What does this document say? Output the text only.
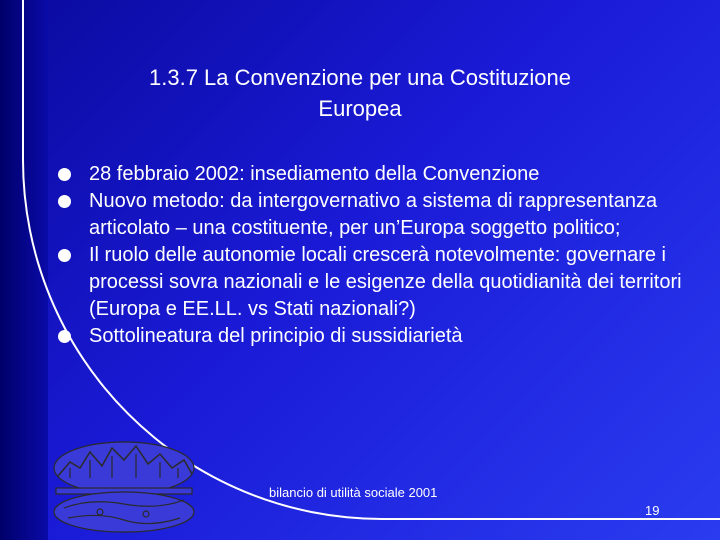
1.3.7 La Convenzione per una Costituzione
Europea
28 febbraio 2002: insediamento della Convenzione
Nuovo metodo: da intergovernativo a sistema di rappresentanza articolato – una costituente, per un’Europa soggetto politico;
Il ruolo delle autonomie locali crescerà notevolmente: governare i processi sovra nazionali e le esigenze della quotidianità dei territori (Europa e EE.LL. vs Stati nazionali?)
Sottolineatura del principio di sussidiarietà
bilancio di utilità sociale 2001
19
